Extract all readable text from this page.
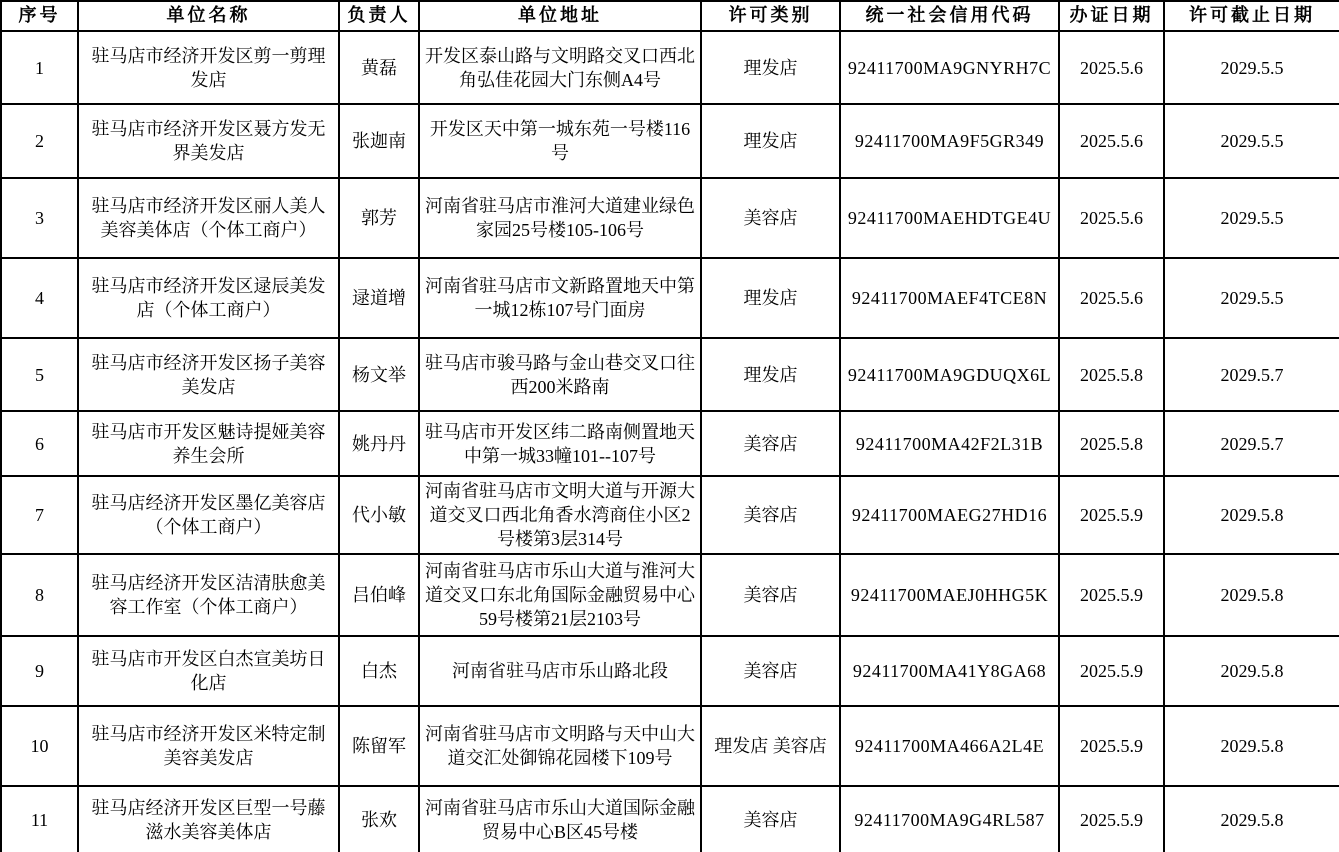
序号	单位名称	负责人	单位地址	许可类别	统一社会信用代码	办证日期	许可截止日期
1	驻马店市经济开发区剪一剪理发店	黄磊	开发区泰山路与文明路交叉口西北角弘佳花园大门东侧A4号	理发店	92411700MA9GNYRH7C	2025.5.6	2029.5.5
2	驻马店市经济开发区聂方发无界美发店	张迦南	开发区天中第一城东苑一号楼116号	理发店	92411700MA9F5GR349	2025.5.6	2029.5.5
3	驻马店市经济开发区丽人美人美容美体店（个体工商户）	郭芳	河南省驻马店市淮河大道建业绿色家园25号楼105-106号	美容店	92411700MAEHDTGE4U	2025.5.6	2029.5.5
4	驻马店市经济开发区逯辰美发店（个体工商户）	逯道增	河南省驻马店市文新路置地天中第一城12栋107号门面房	理发店	92411700MAEF4TCE8N	2025.5.6	2029.5.5
5	驻马店市经济开发区扬子美容美发店	杨文举	驻马店市骏马路与金山巷交叉口往西200米路南	理发店	92411700MA9GDUQX6L	2025.5.8	2029.5.7
6	驻马店市开发区魅诗提娅美容养生会所	姚丹丹	驻马店市开发区纬二路南侧置地天中第一城33幢101--107号	美容店	92411700MA42F2L31B	2025.5.8	2029.5.7
7	驻马店经济开发区墨亿美容店（个体工商户）	代小敏	河南省驻马店市文明大道与开源大道交叉口西北角香水湾商住小区2号楼第3层314号	美容店	92411700MAEG27HD16	2025.5.9	2029.5.8
8	驻马店经济开发区洁清肤愈美容工作室（个体工商户）	吕伯峰	河南省驻马店市乐山大道与淮河大道交叉口东北角国际金融贸易中心59号楼第21层2103号	美容店	92411700MAEJ0HHG5K	2025.5.9	2029.5.8
9	驻马店市开发区白杰宣美坊日化店	白杰	河南省驻马店市乐山路北段	美容店	92411700MA41Y8GA68	2025.5.9	2029.5.8
10	驻马店市经济开发区米特定制美容美发店	陈留军	河南省驻马店市文明路与天中山大道交汇处御锦花园楼下109号	理发店 美容店	92411700MA466A2L4E	2025.5.9	2029.5.8
11	驻马店经济开发区巨型一号藤滋水美容美体店	张欢	河南省驻马店市乐山大道国际金融贸易中心B区45号楼	美容店	92411700MA9G4RL587	2025.5.9	2029.5.8
